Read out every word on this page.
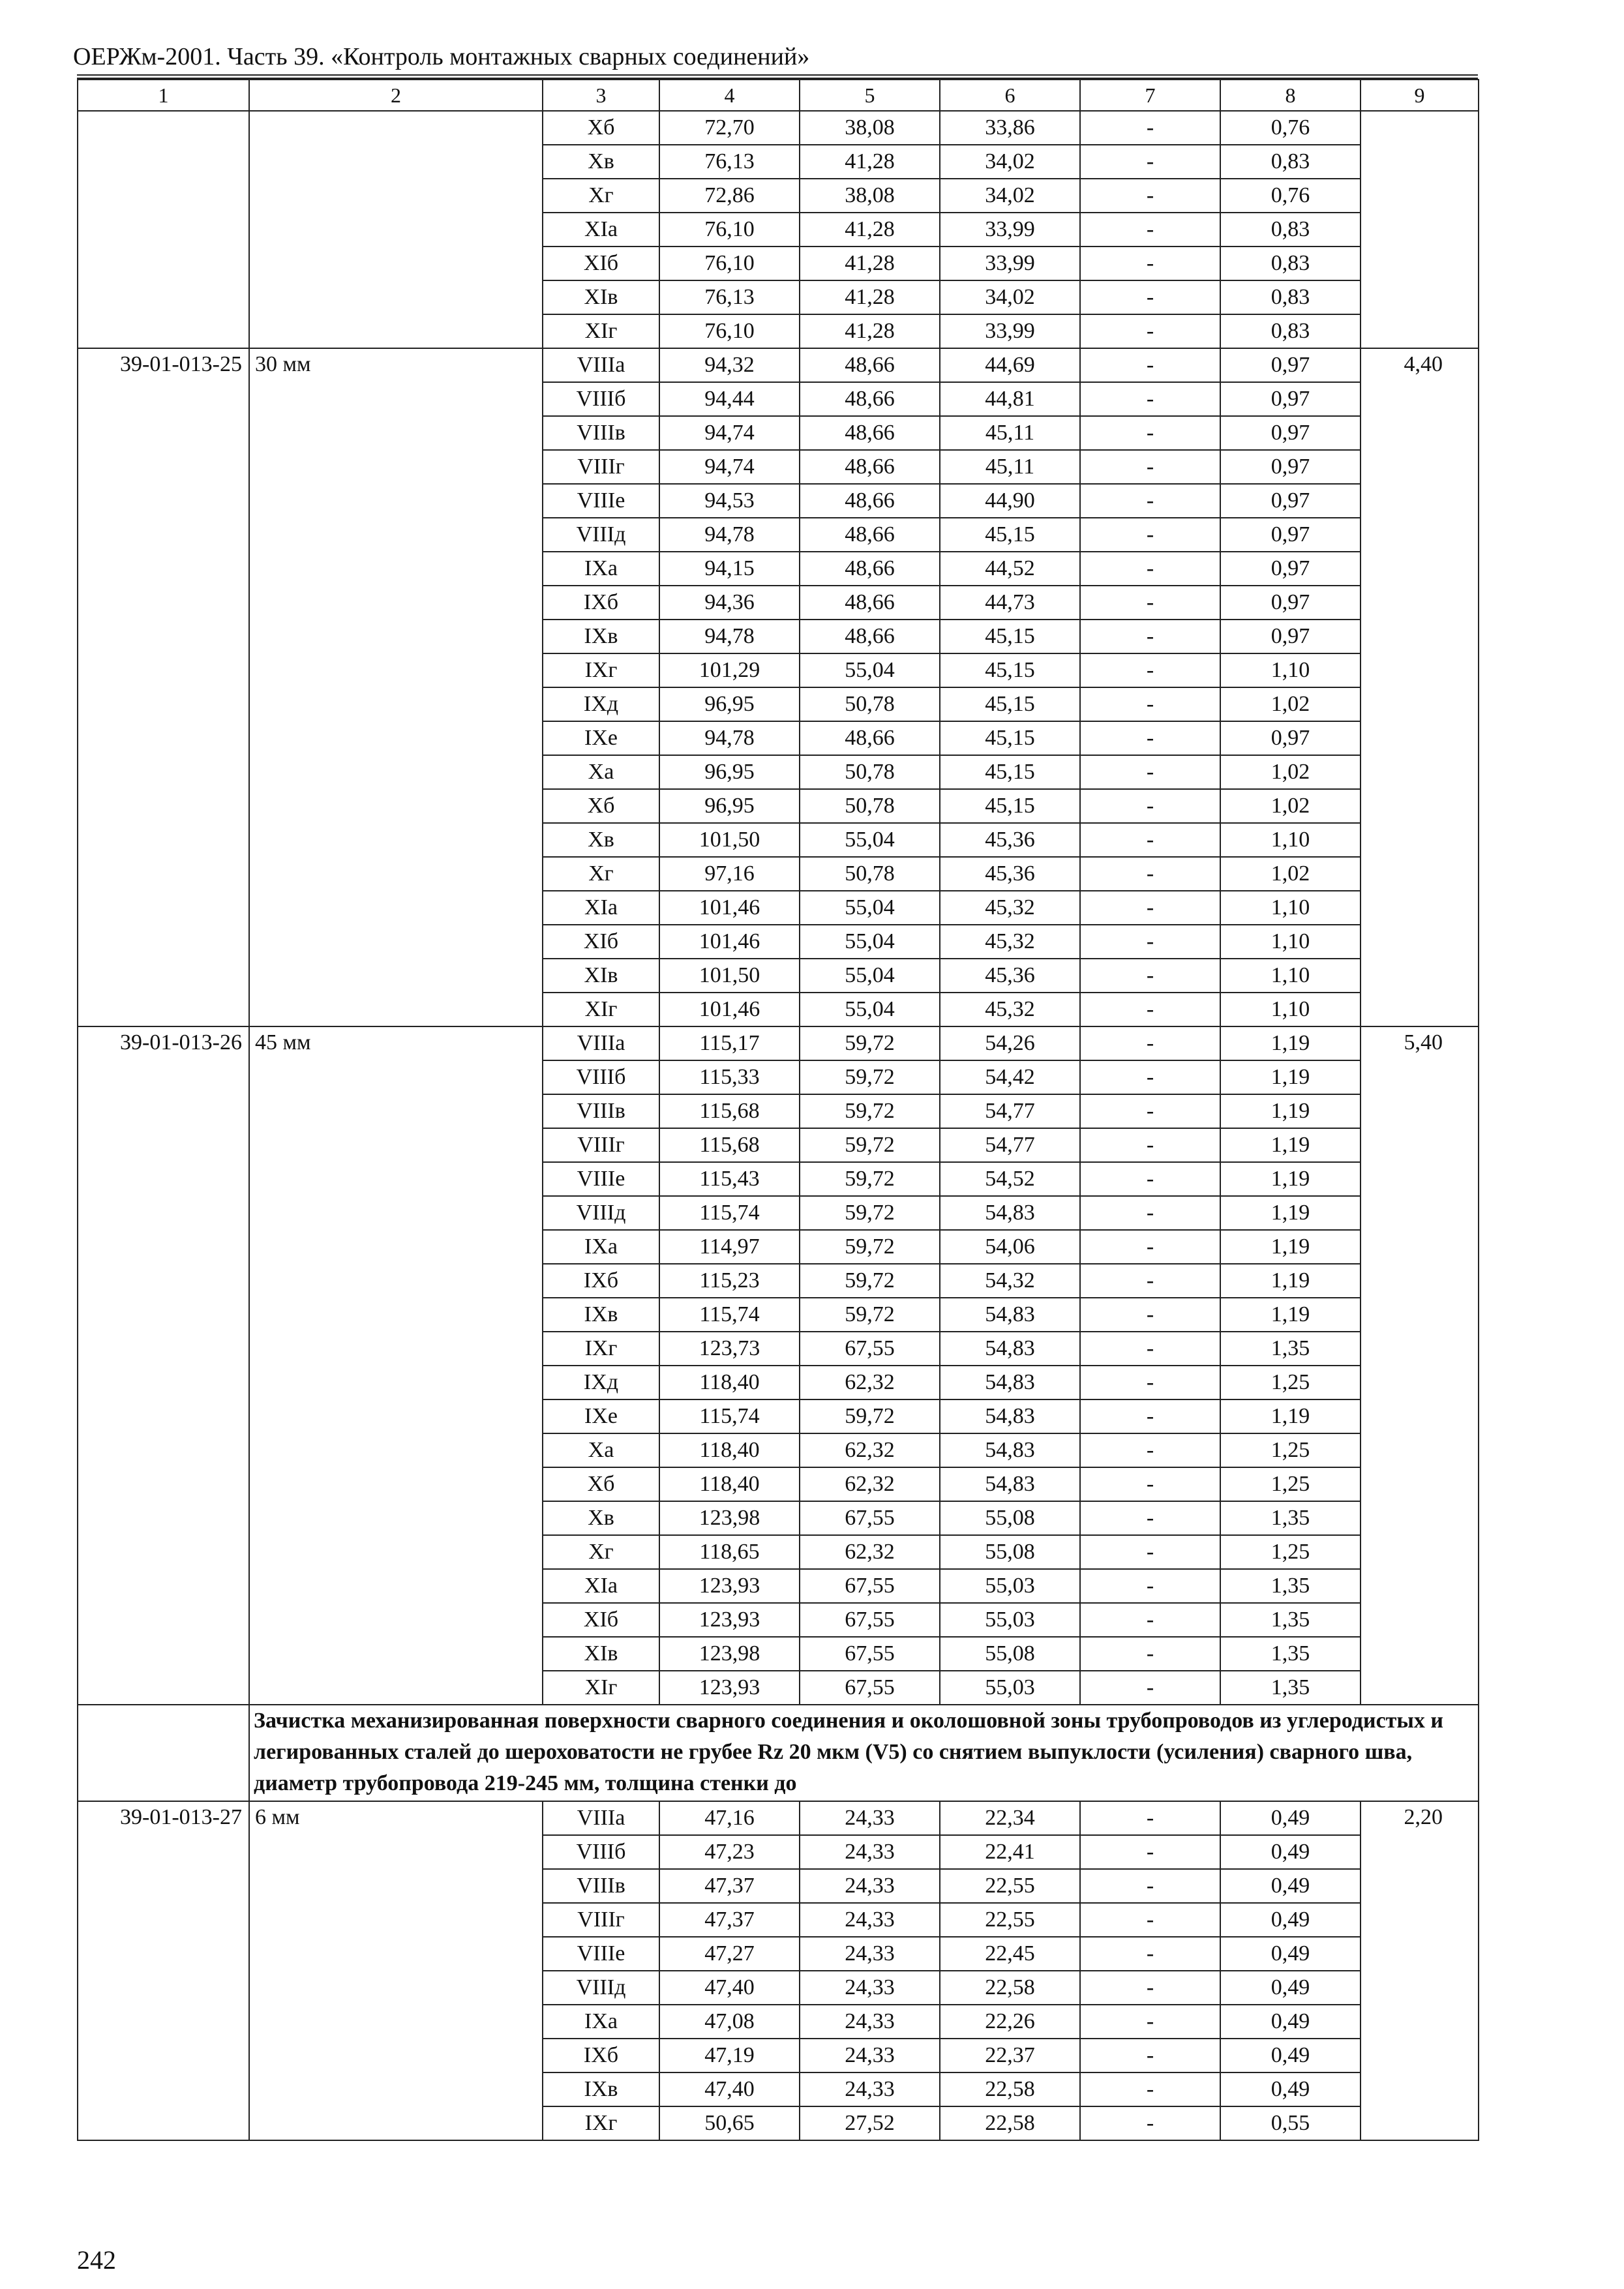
ОЕРЖм-2001. Часть 39. «Контроль монтажных сварных соединений»
1	2	3	4	5	6	7	8	9
		Xб	72,70	38,08	33,86	-	0,76	
		Xв	76,13	41,28	34,02	-	0,83	
		Xг	72,86	38,08	34,02	-	0,76	
		XIа	76,10	41,28	33,99	-	0,83	
		XIб	76,10	41,28	33,99	-	0,83	
		XIв	76,13	41,28	34,02	-	0,83	
		XIг	76,10	41,28	33,99	-	0,83	
39-01-013-25	30 мм	VIIIа	94,32	48,66	44,69	-	0,97	4,40
		VIIIб	94,44	48,66	44,81	-	0,97	
		VIIIв	94,74	48,66	45,11	-	0,97	
		VIIIг	94,74	48,66	45,11	-	0,97	
		VIIIе	94,53	48,66	44,90	-	0,97	
		VIIIд	94,78	48,66	45,15	-	0,97	
		IXа	94,15	48,66	44,52	-	0,97	
		IXб	94,36	48,66	44,73	-	0,97	
		IXв	94,78	48,66	45,15	-	0,97	
		IXг	101,29	55,04	45,15	-	1,10	
		IXд	96,95	50,78	45,15	-	1,02	
		IXе	94,78	48,66	45,15	-	0,97	
		Xа	96,95	50,78	45,15	-	1,02	
		Xб	96,95	50,78	45,15	-	1,02	
		Xв	101,50	55,04	45,36	-	1,10	
		Xг	97,16	50,78	45,36	-	1,02	
		XIа	101,46	55,04	45,32	-	1,10	
		XIб	101,46	55,04	45,32	-	1,10	
		XIв	101,50	55,04	45,36	-	1,10	
		XIг	101,46	55,04	45,32	-	1,10	
39-01-013-26	45 мм	VIIIа	115,17	59,72	54,26	-	1,19	5,40
		VIIIб	115,33	59,72	54,42	-	1,19	
		VIIIв	115,68	59,72	54,77	-	1,19	
		VIIIг	115,68	59,72	54,77	-	1,19	
		VIIIе	115,43	59,72	54,52	-	1,19	
		VIIIд	115,74	59,72	54,83	-	1,19	
		IXа	114,97	59,72	54,06	-	1,19	
		IXб	115,23	59,72	54,32	-	1,19	
		IXв	115,74	59,72	54,83	-	1,19	
		IXг	123,73	67,55	54,83	-	1,35	
		IXд	118,40	62,32	54,83	-	1,25	
		IXе	115,74	59,72	54,83	-	1,19	
		Xа	118,40	62,32	54,83	-	1,25	
		Xб	118,40	62,32	54,83	-	1,25	
		Xв	123,98	67,55	55,08	-	1,35	
		Xг	118,65	62,32	55,08	-	1,25	
		XIа	123,93	67,55	55,03	-	1,35	
		XIб	123,93	67,55	55,03	-	1,35	
		XIв	123,98	67,55	55,08	-	1,35	
		XIг	123,93	67,55	55,03	-	1,35	
	Зачистка механизированная поверхности сварного соединения и околошовной зоны трубопроводов из углеродистых и легированных сталей до шероховатости не грубее Rz 20 мкм (V5) со снятием выпуклости (усиления) сварного шва, диаметр трубопровода 219-245 мм, толщина стенки до							
39-01-013-27	6 мм	VIIIа	47,16	24,33	22,34	-	0,49	2,20
		VIIIб	47,23	24,33	22,41	-	0,49	
		VIIIв	47,37	24,33	22,55	-	0,49	
		VIIIг	47,37	24,33	22,55	-	0,49	
		VIIIе	47,27	24,33	22,45	-	0,49	
		VIIIд	47,40	24,33	22,58	-	0,49	
		IXа	47,08	24,33	22,26	-	0,49	
		IXб	47,19	24,33	22,37	-	0,49	
		IXв	47,40	24,33	22,58	-	0,49	
		IXг	50,65	27,52	22,58	-	0,55	
242
